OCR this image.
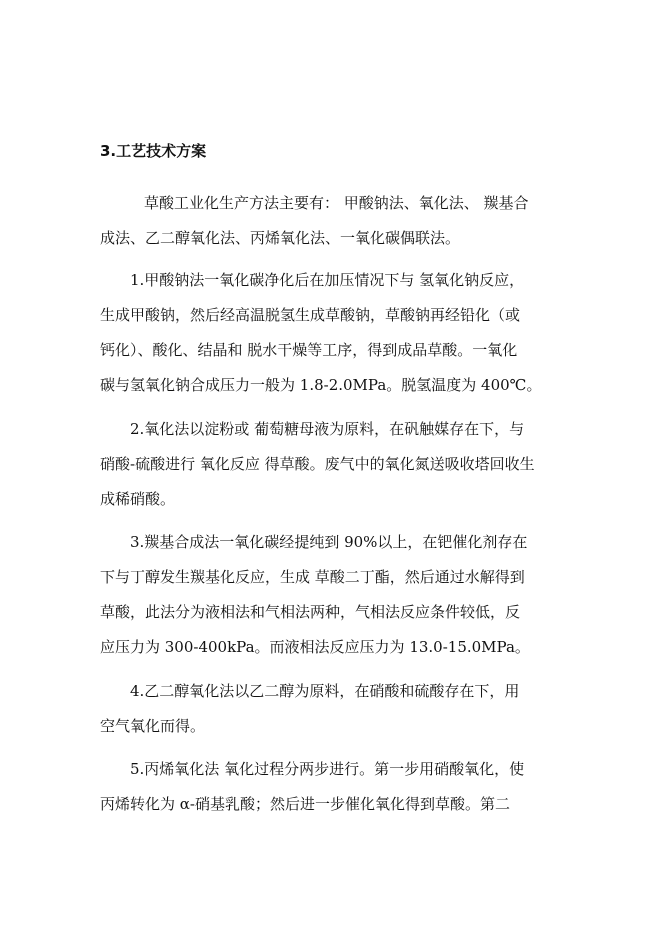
3.工艺技术方案
草酸工业化生产方法主要有： 甲酸钠法、氧化法、 羰基合
成法、乙二醇氧化法、丙烯氧化法、一氧化碳偶联法。
1.甲酸钠法一氧化碳净化后在加压情况下与 氢氧化钠反应，
生成甲酸钠，然后经高温脱氢生成草酸钠，草酸钠再经铅化（或
钙化）、酸化、结晶和 脱水干燥等工序，得到成品草酸。一氧化
碳与氢氧化钠合成压力一般为 1.8-2.0MPa。脱氢温度为 400℃。
2.氧化法以淀粉或 葡萄糖母液为原料，在矾触媒存在下，与
硝酸-硫酸进行 氧化反应 得草酸。废气中的氧化氮送吸收塔回收生
成稀硝酸。
3.羰基合成法一氧化碳经提纯到 90%以上，在钯催化剂存在
下与丁醇发生羰基化反应，生成 草酸二丁酯，然后通过水解得到
草酸，此法分为液相法和气相法两种，气相法反应条件较低，反
应压力为 300-400kPa。而液相法反应压力为 13.0-15.0MPa。
4.乙二醇氧化法以乙二醇为原料，在硝酸和硫酸存在下，用
空气氧化而得。
5.丙烯氧化法 氧化过程分两步进行。第一步用硝酸氧化，使
丙烯转化为 α-硝基乳酸；然后进一步催化氧化得到草酸。第二
